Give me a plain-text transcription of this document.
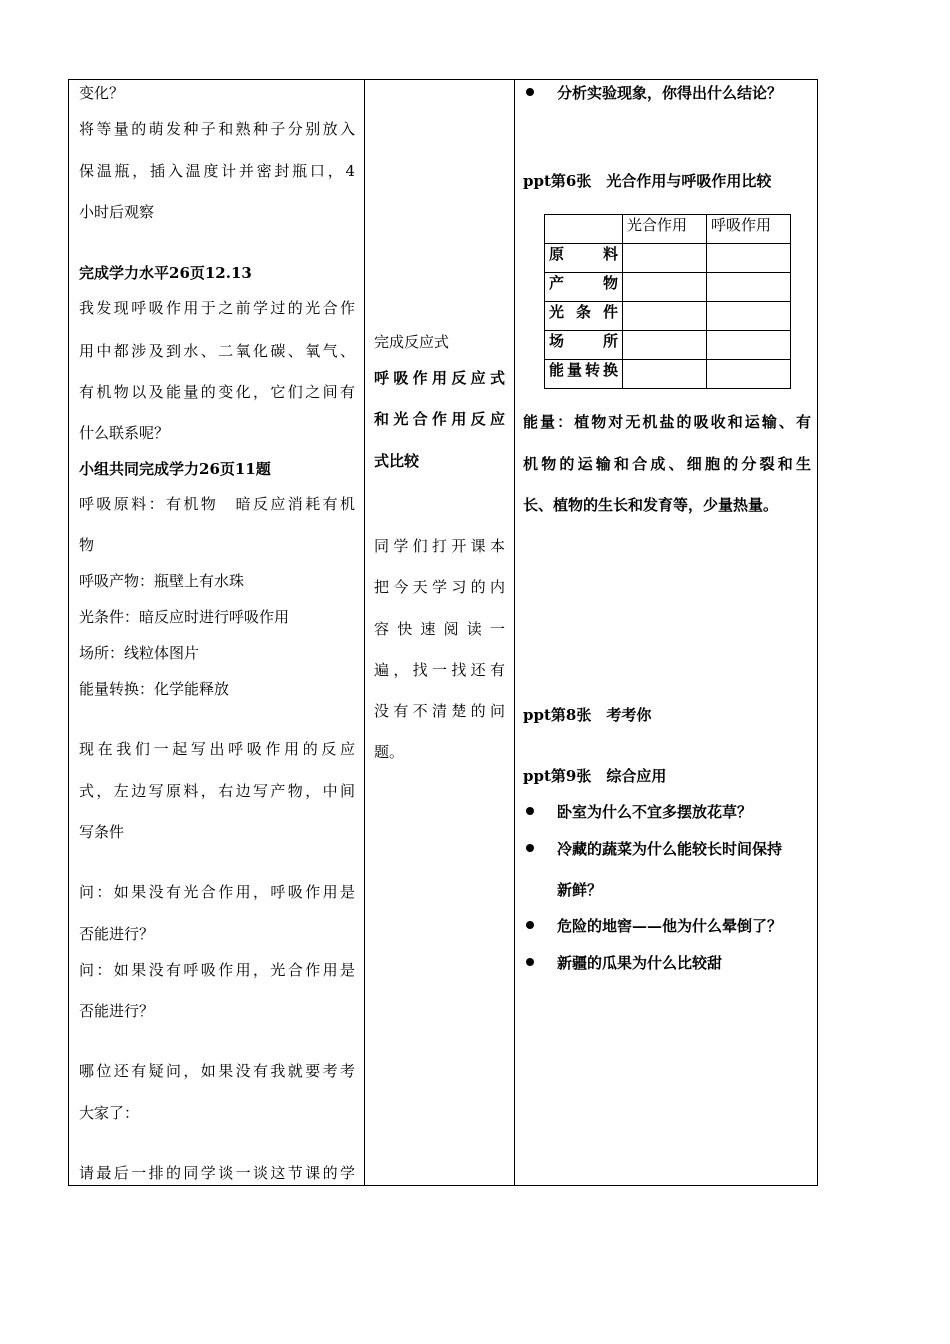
变化？
将等量的萌发种子和熟种子分别放入
保温瓶，插入温度计并密封瓶口，4
小时后观察
完成学力水平26页12.13
我发现呼吸作用于之前学过的光合作
用中都涉及到水、二氧化碳、氧气、
有机物以及能量的变化，它们之间有
什么联系呢？
小组共同完成学力26页11题
呼吸原料：有机物　暗反应消耗有机
物
呼吸产物：瓶壁上有水珠
光条件：暗反应时进行呼吸作用
场所：线粒体图片
能量转换：化学能释放
现在我们一起写出呼吸作用的反应
式，左边写原料，右边写产物，中间
写条件
问：如果没有光合作用，呼吸作用是
否能进行？
问：如果没有呼吸作用，光合作用是
否能进行？
哪位还有疑问，如果没有我就要考考
大家了：
请最后一排的同学谈一谈这节课的学
完成反应式
呼吸作用反应式
和光合作用反应
式比较
同学们打开课本
把今天学习的内
容快速阅读一
遍，找一找还有
没有不清楚的问
题。
分析实验现象，你得出什么结论？
ppt第6张　光合作用与呼吸作用比较
	光合作用	呼吸作用
原料		
产物		
光条件		
场所		
能量转换		
能量：植物对无机盐的吸收和运输、有
机物的运输和合成、细胞的分裂和生
长、植物的生长和发育等，少量热量。
ppt第8张　考考你
ppt第9张　综合应用
卧室为什么不宜多摆放花草？
冷藏的蔬菜为什么能较长时间保持
新鲜？
危险的地窖——他为什么晕倒了？
新疆的瓜果为什么比较甜
